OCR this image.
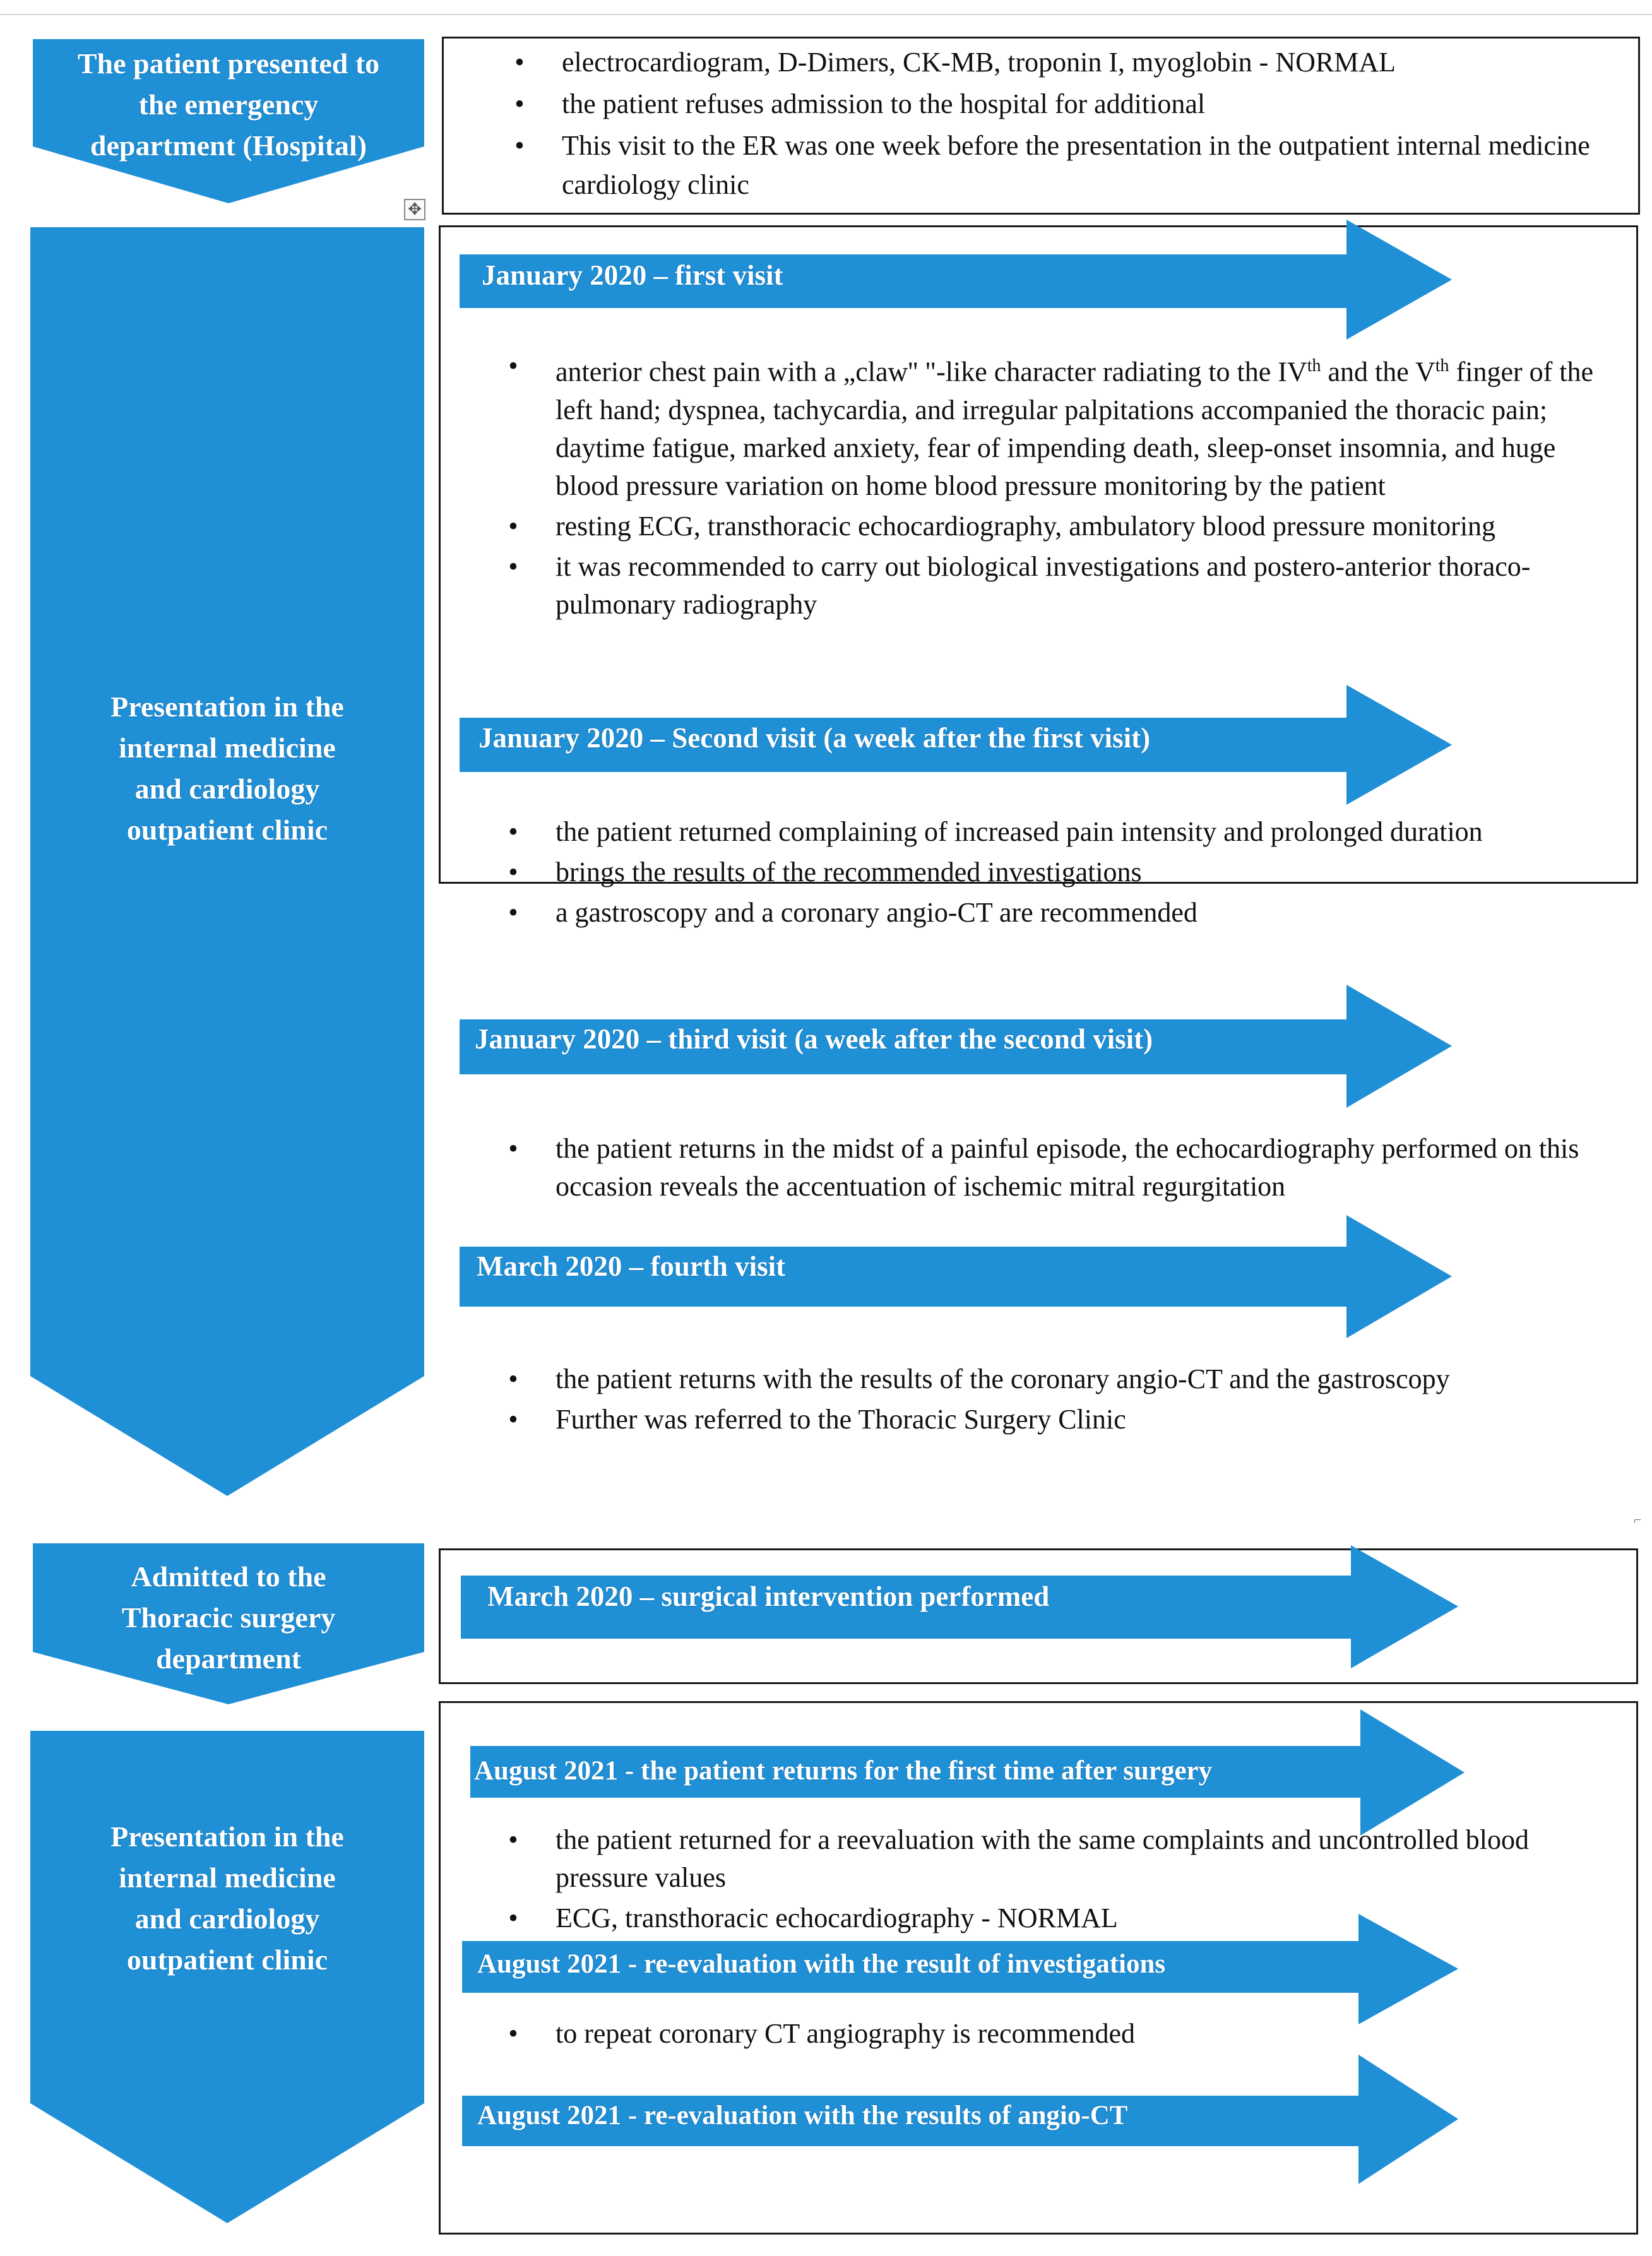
The patient presented to
the emergency
department (Hospital)
Presentation in the
internal medicine
and cardiology
outpatient clinic
Admitted to the
Thoracic surgery
department
Presentation in the
internal medicine
and cardiology
outpatient clinic
✥
• electrocardiogram, D-Dimers, CK-MB, troponin I, myoglobin - NORMAL
• the patient refuses admission to the hospital for additional
• This visit to the ER was one week before the presentation in the outpatient internal medicine cardiology clinic
⌐
January 2020 – first visit
• anterior chest pain with a „claw'' "-like character radiating to the IVth and the Vth finger of the left hand; dyspnea, tachycardia, and irregular palpitations accompanied the thoracic pain; daytime fatigue, marked anxiety, fear of impending death, sleep-onset insomnia, and huge blood pressure variation on home blood pressure monitoring by the patient
• resting ECG, transthoracic echocardiography, ambulatory blood pressure monitoring
• it was recommended to carry out biological investigations and postero-anterior thoraco-pulmonary radiography
January 2020 – Second visit (a week after the first visit)
• the patient returned complaining of increased pain intensity and prolonged duration
• brings the results of the recommended investigations
• a gastroscopy and a coronary angio-CT are recommended
January 2020 – third visit (a week after the second visit)
• the patient returns in the midst of a painful episode, the echocardiography performed on this occasion reveals the accentuation of ischemic mitral regurgitation
March 2020 – fourth visit
• the patient returns with the results of the coronary angio-CT and the gastroscopy
• Further was referred to the Thoracic Surgery Clinic
March 2020 – surgical intervention performed
August 2021 - the patient returns for the first time after surgery
• the patient returned for a reevaluation with the same complaints and uncontrolled blood pressure values
• ECG, transthoracic echocardiography - NORMAL
August 2021 - re-evaluation with the result of investigations
• to repeat coronary CT angiography is recommended
August 2021 - re-evaluation with the results of angio-CT
